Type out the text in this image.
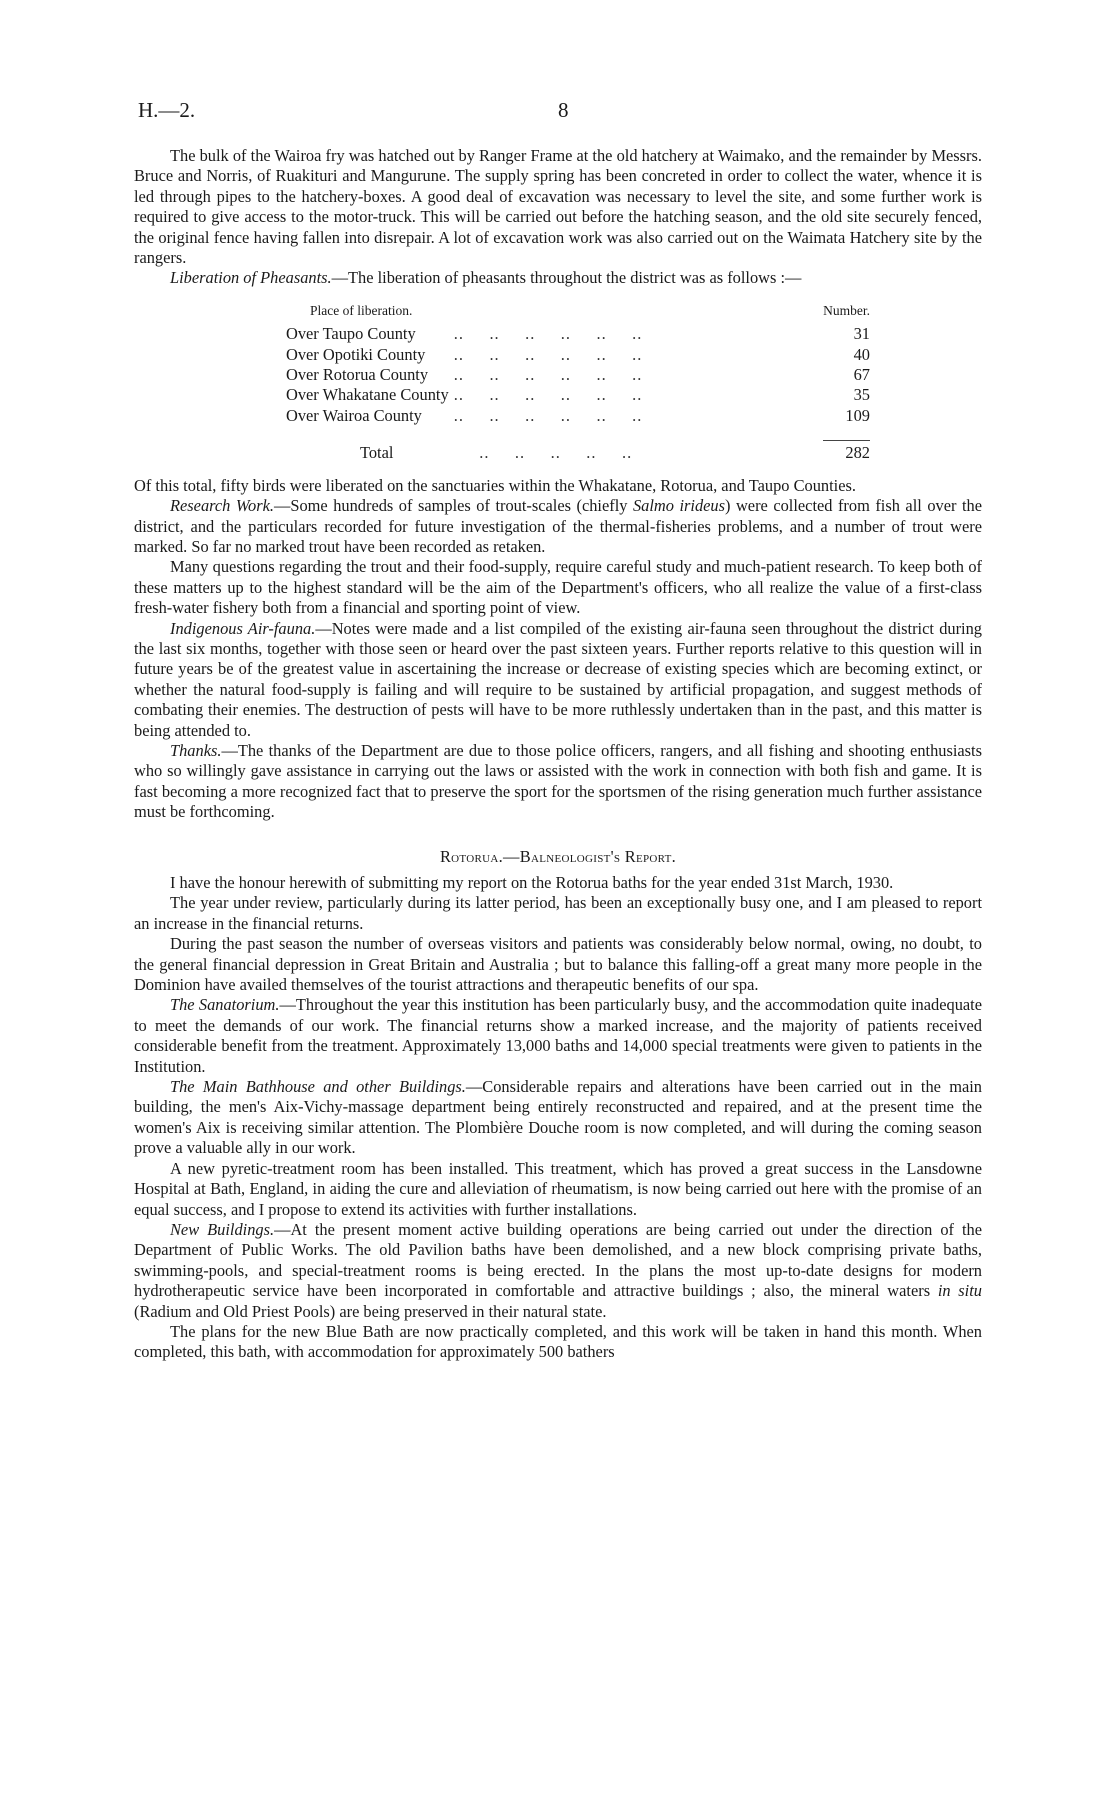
H.—2.	8

The bulk of the Wairoa fry was hatched out by Ranger Frame at the old hatchery at Waimako, and the remainder by Messrs. Bruce and Norris, of Ruakituri and Mangurune. The supply spring has been concreted in order to collect the water, whence it is led through pipes to the hatchery-boxes. A good deal of excavation was necessary to level the site, and some further work is required to give access to the motor-truck. This will be carried out before the hatching season, and the old site securely fenced, the original fence having fallen into disrepair. A lot of excavation work was also carried out on the Waimata Hatchery site by the rangers.

Liberation of Pheasants.—The liberation of pheasants throughout the district was as follows :—

Place of liberation.		Number.
Over Taupo County	..     ..     ..     ..     ..     ..	31
Over Opotiki County	..     ..     ..     ..     ..     ..	40
Over Rotorua County	..     ..     ..     ..     ..     ..	67
Over Whakatane County	..     ..     ..     ..     ..     ..	35
Over Wairoa County	..     ..     ..     ..     ..     ..	109

Total	..     ..     ..     ..     ..	282

Of this total, fifty birds were liberated on the sanctuaries within the Whakatane, Rotorua, and Taupo Counties.

Research Work.—Some hundreds of samples of trout-scales (chiefly Salmo irideus) were collected from fish all over the district, and the particulars recorded for future investigation of the thermal-fisheries problems, and a number of trout were marked. So far no marked trout have been recorded as retaken.

Many questions regarding the trout and their food-supply, require careful study and much-patient research. To keep both of these matters up to the highest standard will be the aim of the Department's officers, who all realize the value of a first-class fresh-water fishery both from a financial and sporting point of view.

Indigenous Air-fauna.—Notes were made and a list compiled of the existing air-fauna seen throughout the district during the last six months, together with those seen or heard over the past sixteen years. Further reports relative to this question will in future years be of the greatest value in ascertaining the increase or decrease of existing species which are becoming extinct, or whether the natural food-supply is failing and will require to be sustained by artificial propagation, and suggest methods of combating their enemies. The destruction of pests will have to be more ruthlessly undertaken than in the past, and this matter is being attended to.

Thanks.—The thanks of the Department are due to those police officers, rangers, and all fishing and shooting enthusiasts who so willingly gave assistance in carrying out the laws or assisted with the work in connection with both fish and game. It is fast becoming a more recognized fact that to preserve the sport for the sportsmen of the rising generation much further assistance must be forthcoming.

Rotorua.—Balneologist's Report.

I have the honour herewith of submitting my report on the Rotorua baths for the year ended 31st March, 1930.

The year under review, particularly during its latter period, has been an exceptionally busy one, and I am pleased to report an increase in the financial returns.

During the past season the number of overseas visitors and patients was considerably below normal, owing, no doubt, to the general financial depression in Great Britain and Australia ; but to balance this falling-off a great many more people in the Dominion have availed themselves of the tourist attractions and therapeutic benefits of our spa.

The Sanatorium.—Throughout the year this institution has been particularly busy, and the accommodation quite inadequate to meet the demands of our work. The financial returns show a marked increase, and the majority of patients received considerable benefit from the treatment. Approximately 13,000 baths and 14,000 special treatments were given to patients in the Institution.

The Main Bathhouse and other Buildings.—Considerable repairs and alterations have been carried out in the main building, the men's Aix-Vichy-massage department being entirely reconstructed and repaired, and at the present time the women's Aix is receiving similar attention. The Plombière Douche room is now completed, and will during the coming season prove a valuable ally in our work.

A new pyretic-treatment room has been installed. This treatment, which has proved a great success in the Lansdowne Hospital at Bath, England, in aiding the cure and alleviation of rheumatism, is now being carried out here with the promise of an equal success, and I propose to extend its activities with further installations.

New Buildings.—At the present moment active building operations are being carried out under the direction of the Department of Public Works. The old Pavilion baths have been demolished, and a new block comprising private baths, swimming-pools, and special-treatment rooms is being erected. In the plans the most up-to-date designs for modern hydrotherapeutic service have been incorporated in comfortable and attractive buildings ; also, the mineral waters in situ (Radium and Old Priest Pools) are being preserved in their natural state.

The plans for the new Blue Bath are now practically completed, and this work will be taken in hand this month. When completed, this bath, with accommodation for approximately 500 bathers
